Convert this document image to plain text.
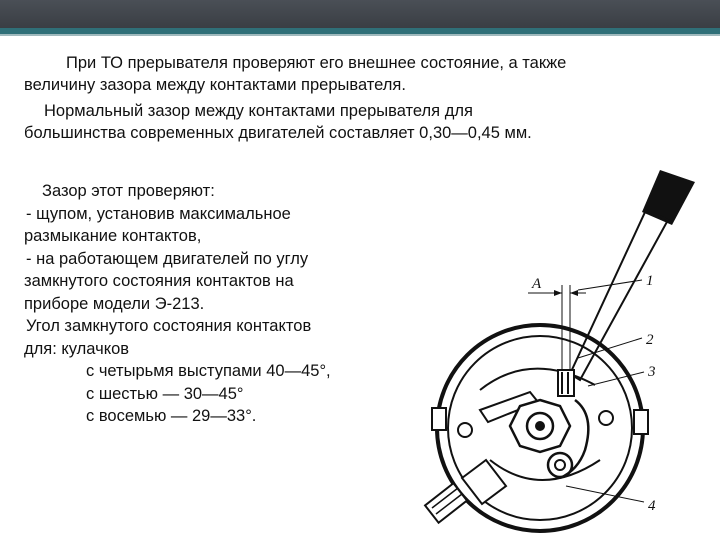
При ТО прерывателя проверяют его внешнее состояние, а также
величину зазора между контактами прерывателя.
Нормальный зазор между контактами прерывателя для
большинства современных двигателей составляет 0,30—0,45 мм.
Зазор этот проверяют:
- щупом, установив максимальное
размыкание контактов,
- на работающем двигателей по углу
замкнутого состояния контактов на
приборе модели Э-213.
Угол замкнутого состояния контактов
для: кулачков
с четырьмя выступами 40—45°,
с шестью — 30—45°
с восемью — 29—33°.
A	1
2
3
4
